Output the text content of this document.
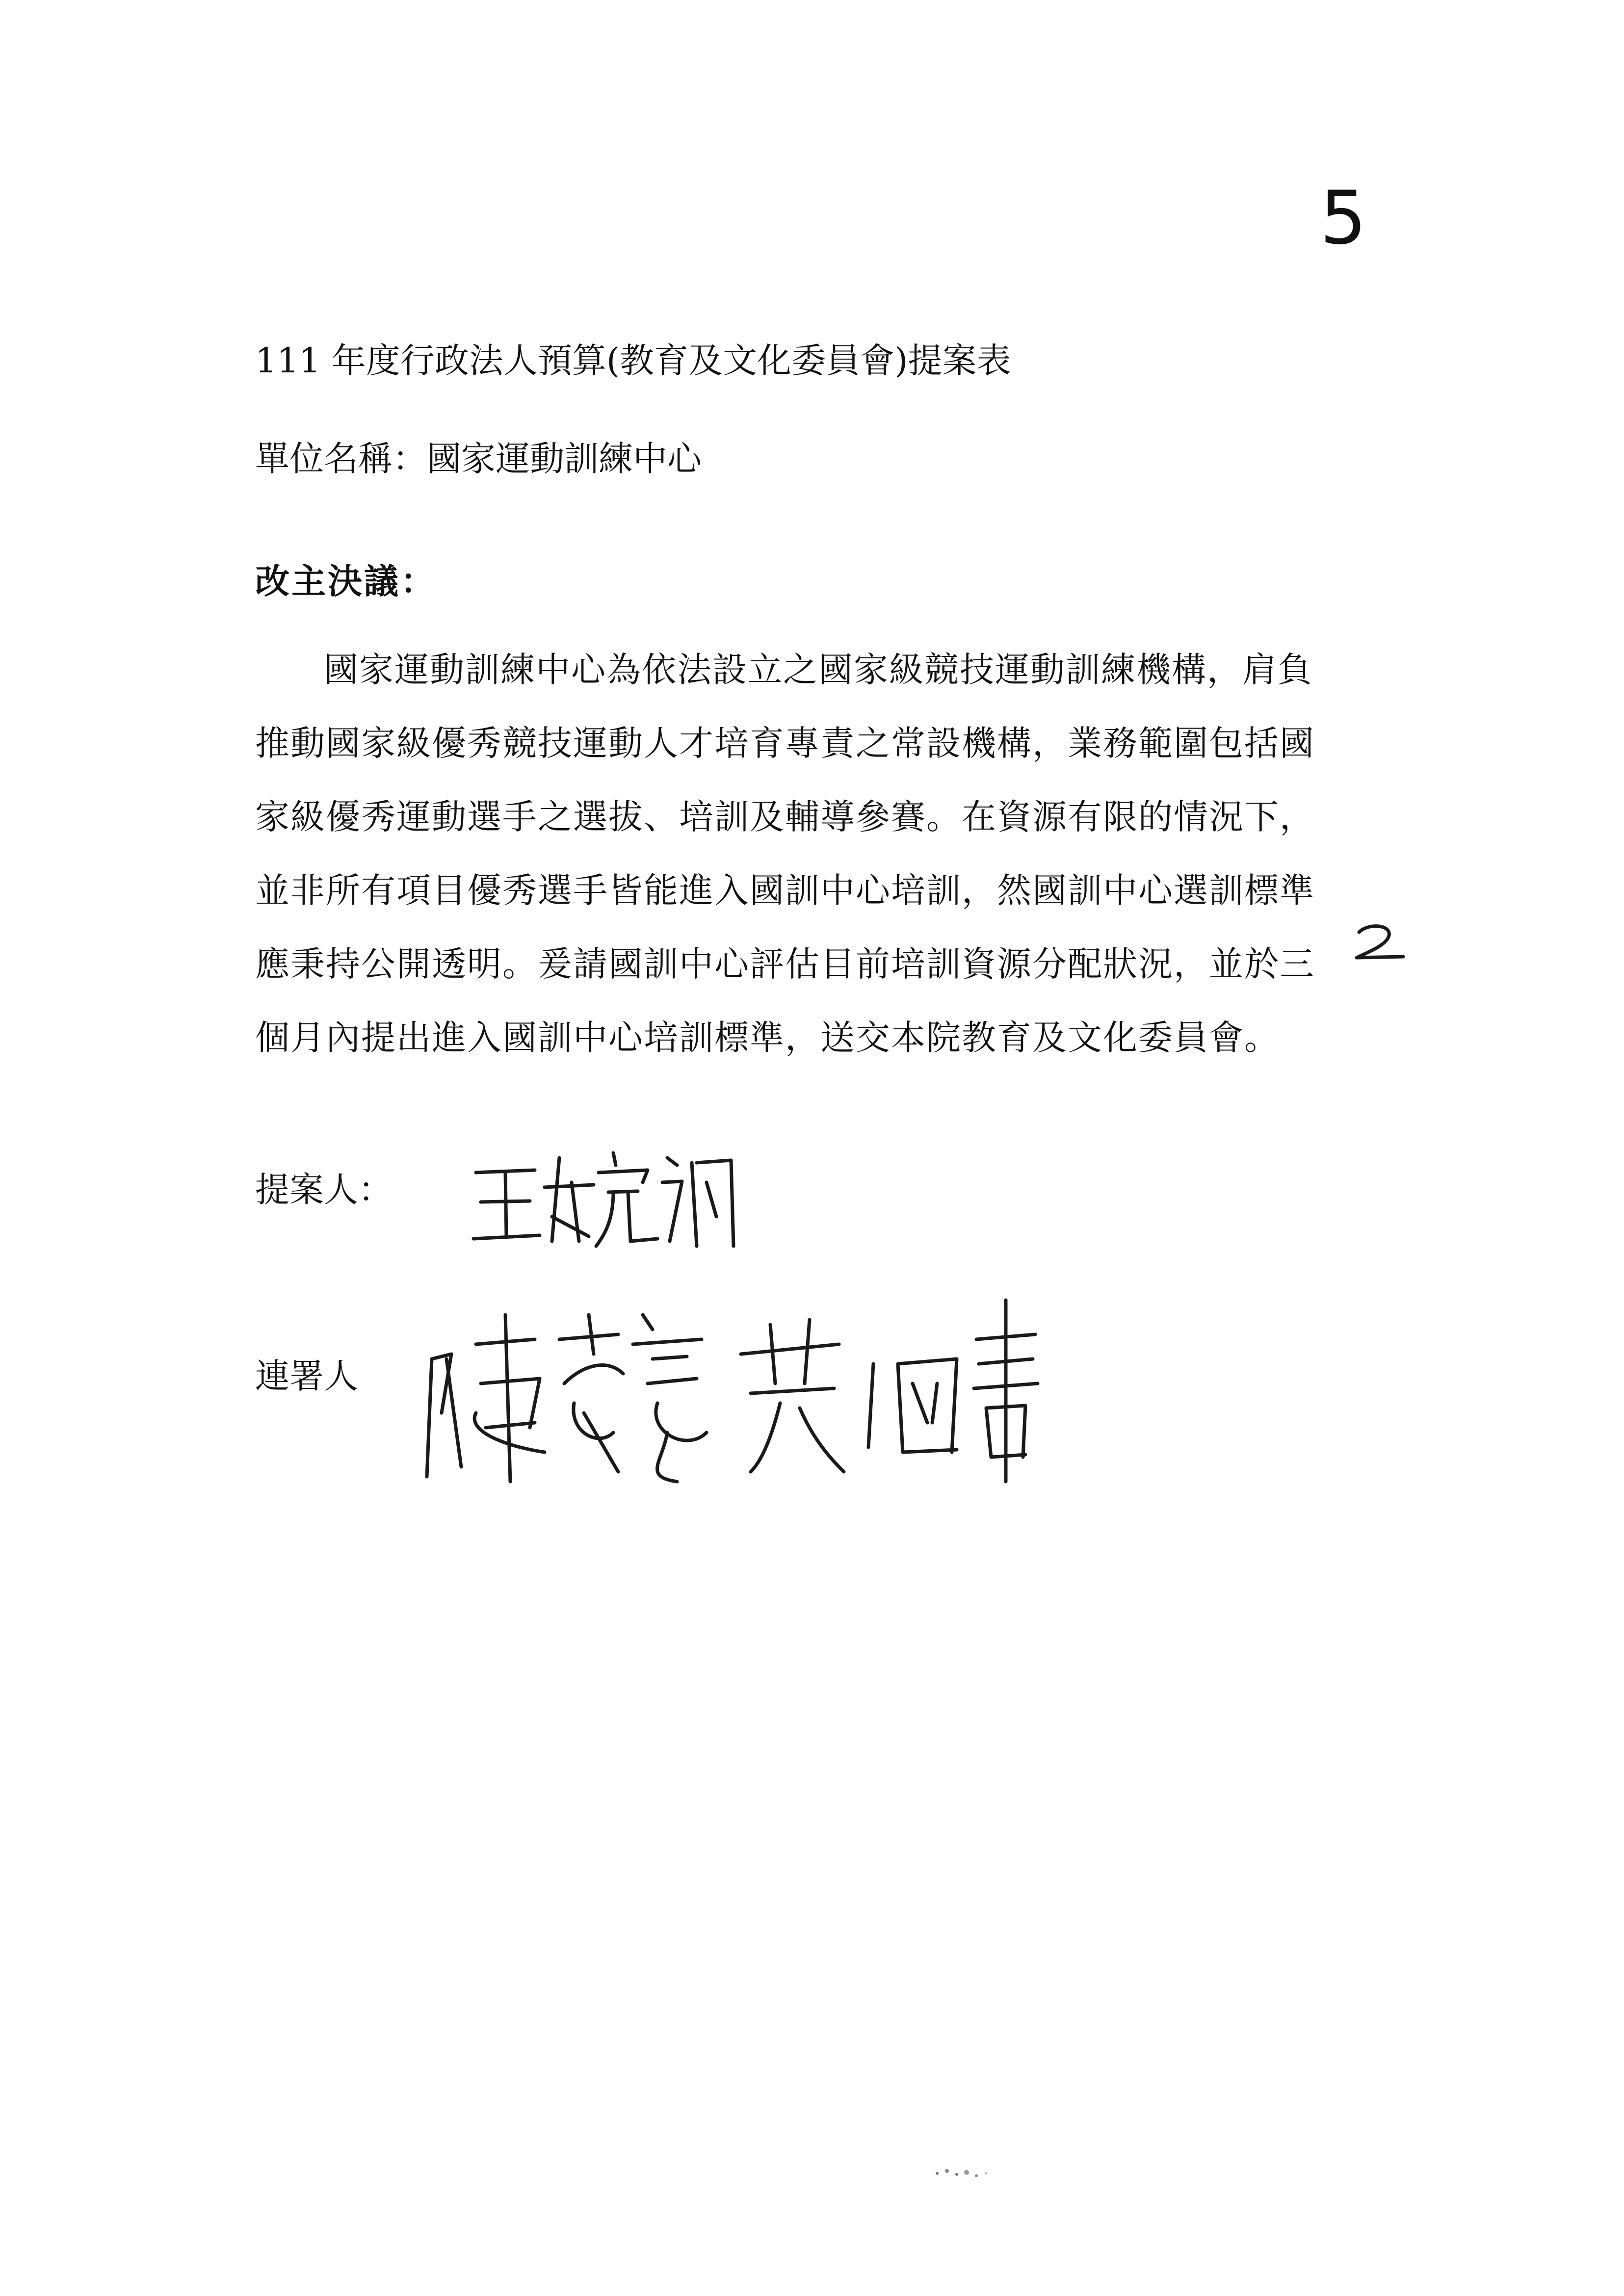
5
111 年度行政法人預算(教育及文化委員會)提案表
單位名稱：國家運動訓練中心
改主決議：
國家運動訓練中心為依法設立之國家級競技運動訓練機構，肩負
推動國家級優秀競技運動人才培育專責之常設機構，業務範圍包括國
家級優秀運動選手之選拔、培訓及輔導參賽。在資源有限的情況下，
並非所有項目優秀選手皆能進入國訓中心培訓，然國訓中心選訓標準
應秉持公開透明。爰請國訓中心評估目前培訓資源分配狀況，並於三
個月內提出進入國訓中心培訓標準，送交本院教育及文化委員會。
提案人：
連署人
